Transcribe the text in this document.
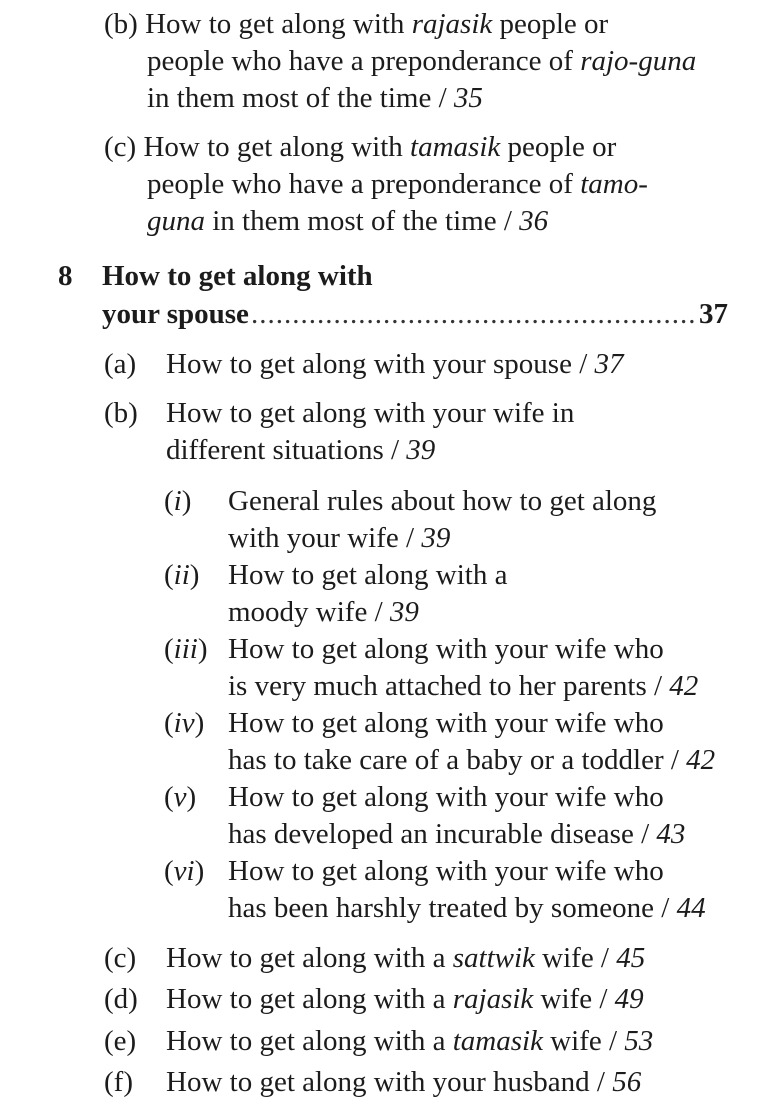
(b) How to get along with rajasik people or
people who have a preponderance of rajo-guna
in them most of the time / 35
(c) How to get along with tamasik people or
people who have a preponderance of tamo-
guna in them most of the time / 36
8 How to get along with
your spouse
.....	37
(a) How to get along with your spouse / 37
(b) How to get along with your wife in
different situations / 39
(i) General rules about how to get along
with your wife / 39
(ii) How to get along with a
moody wife / 39
(iii) How to get along with your wife who
is very much attached to her parents / 42
(iv) How to get along with your wife who
has to take care of a baby or a toddler / 42
(v) How to get along with your wife who
has developed an incurable disease / 43
(vi) How to get along with your wife who
has been harshly treated by someone / 44
(c) How to get along with a sattwik wife / 45
(d) How to get along with a rajasik wife / 49
(e) How to get along with a tamasik wife / 53
(f) How to get along with your husband / 56
